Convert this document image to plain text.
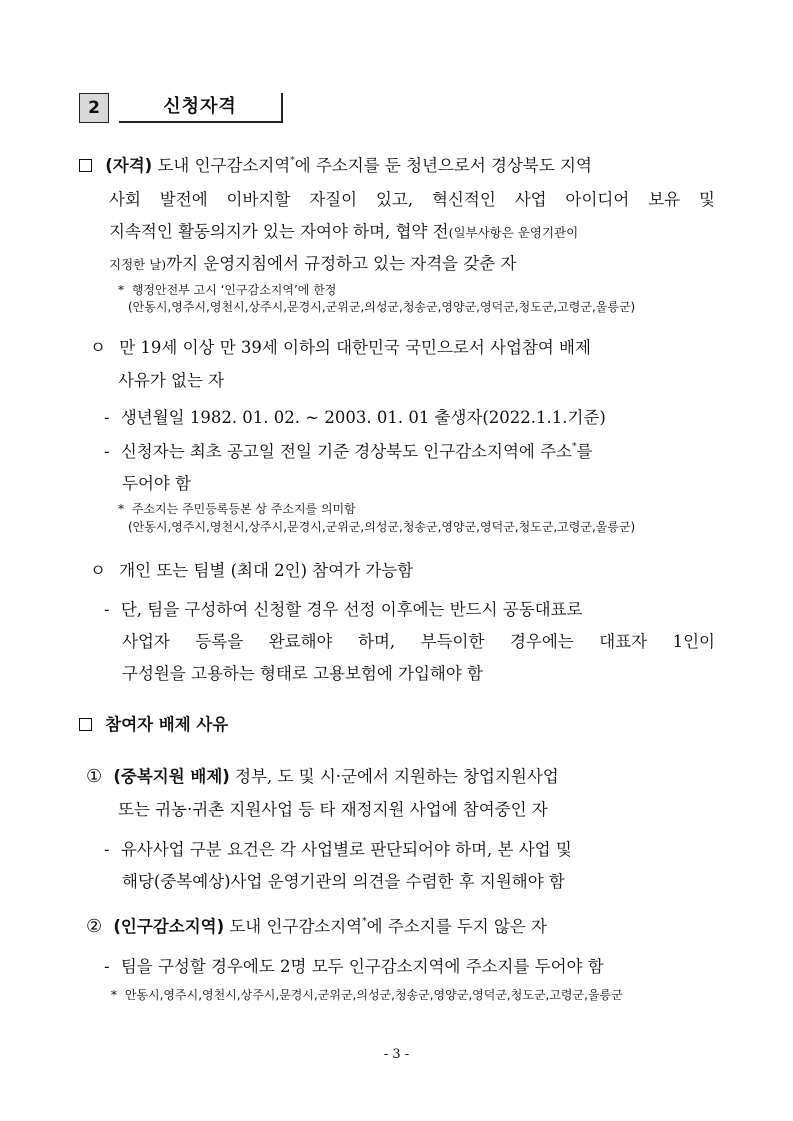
2	신청자격
(자격) 도내 인구감소지역*에 주소지를 둔 청년으로서 경상북도 지역
사회 발전에 이바지할 자질이 있고, 혁신적인 사업 아이디어 보유 및
지속적인 활동의지가 있는 자여야 하며, 협약 전(일부사항은 운영기관이
지정한 날)까지 운영지침에서 규정하고 있는 자격을 갖춘 자
* 행정안전부 고시 ‘인구감소지역’에 한정
(안동시,영주시,영천시,상주시,문경시,군위군,의성군,청송군,영양군,영덕군,청도군,고령군,울릉군)
ㅇ 만 19세 이상 만 39세 이하의 대한민국 국민으로서 사업참여 배제
사유가 없는 자
- 생년월일 1982. 01. 02. ~ 2003. 01. 01 출생자(2022.1.1.기준)
- 신청자는 최초 공고일 전일 기준 경상북도 인구감소지역에 주소*를
두어야 함
* 주소지는 주민등록등본 상 주소지를 의미함
(안동시,영주시,영천시,상주시,문경시,군위군,의성군,청송군,영양군,영덕군,청도군,고령군,울릉군)
ㅇ 개인 또는 팀별 (최대 2인) 참여가 가능함
- 단, 팀을 구성하여 신청할 경우 선정 이후에는 반드시 공동대표로
사업자 등록을 완료해야 하며, 부득이한 경우에는 대표자 1인이
구성원을 고용하는 형태로 고용보험에 가입해야 함
참여자 배제 사유
① (중복지원 배제) 정부, 도 및 시·군에서 지원하는 창업지원사업
또는 귀농·귀촌 지원사업 등 타 재정지원 사업에 참여중인 자
- 유사사업 구분 요건은 각 사업별로 판단되어야 하며, 본 사업 및
해당(중복예상)사업 운영기관의 의견을 수렴한 후 지원해야 함
② (인구감소지역) 도내 인구감소지역*에 주소지를 두지 않은 자
- 팀을 구성할 경우에도 2명 모두 인구감소지역에 주소지를 두어야 함
* 안동시,영주시,영천시,상주시,문경시,군위군,의성군,청송군,영양군,영덕군,청도군,고령군,울릉군
- 3 -
